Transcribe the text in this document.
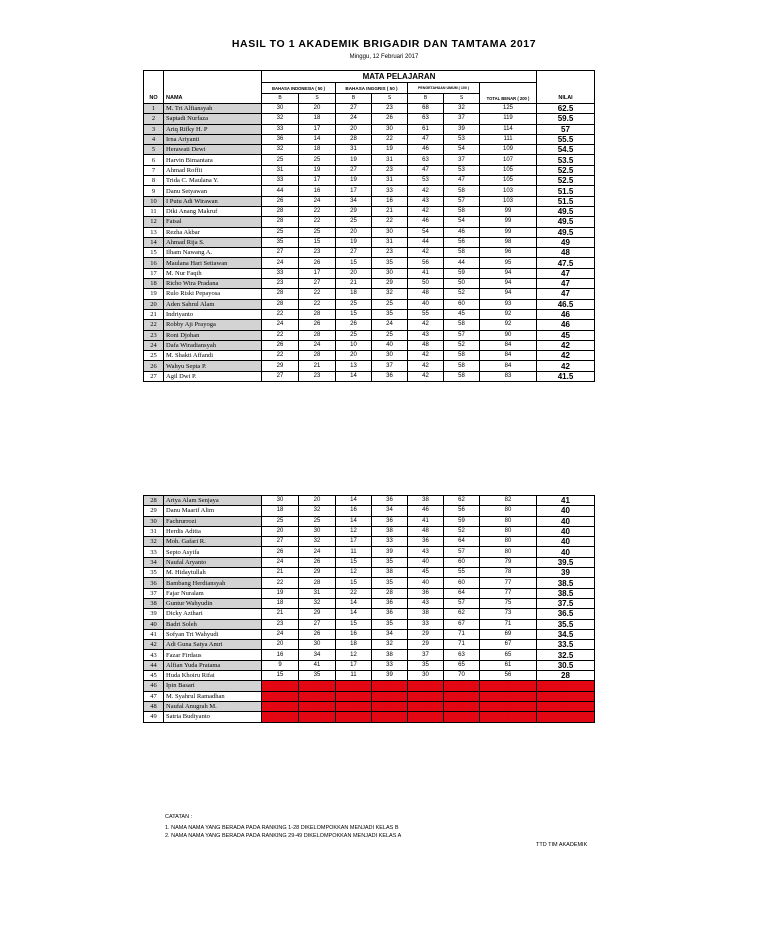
HASIL TO 1 AKADEMIK BRIGADIR DAN TAMTAMA 2017
Minggu, 12 Februari 2017
NO	NAMA	MATA PELAJARAN							NILAI
		BAHASA INDONESIA ( 50 )		BAHASA INGGRIS ( 50 )		PENGETAHUAN UMUM ( 100 )		TOTAL BENAR ( 200 )	
		B	S	B	S	B	S		
1	M. Tri Alfiansyah	30	20	27	23	68	32	125	62.5
2	Saptadi Nurfaza	32	18	24	26	63	37	119	59.5
3	Ariq Rifky H. P	33	17	20	30	61	39	114	57
4	Irna Ariyanti	36	14	28	22	47	53	111	55.5
5	Herawati Dewi	32	18	31	19	46	54	109	54.5
6	Harvin Bimantara	25	25	19	31	63	37	107	53.5
7	Ahmad Roffii	31	19	27	23	47	53	105	52.5
8	Trida C. Maulana Y.	33	17	19	31	53	47	105	52.5
9	Danu Setyawan	44	16	17	33	42	58	103	51.5
10	I Putu Adi Wirawan	26	24	34	16	43	57	103	51.5
11	Diki Anang Makruf	28	22	29	21	42	58	99	49.5
12	Faisal	28	22	25	22	46	54	99	49.5
13	Rezha Akbar	25	25	20	30	54	46	99	49.5
14	Ahmad Rija S.	35	15	19	31	44	56	98	49
15	Ilham Nawang A.	27	23	27	23	42	58	96	48
16	Maulana Hari Setiawan	24	26	15	35	56	44	95	47.5
17	M. Nur Faqih	33	17	20	30	41	59	94	47
18	Richo Wira Pradana	23	27	21	29	50	50	94	47
19	Rulo Riski Pepayosa	28	22	18	32	48	52	94	47
20	Aden Sahrul Alam	28	22	25	25	40	60	93	46.5
21	Indriyanto	22	28	15	35	55	45	92	46
22	Robby Aji Prayoga	24	26	26	24	42	58	92	46
23	Roni Djohan	22	28	25	25	43	57	90	45
24	Dafa Wiradiansyah	26	24	10	40	48	52	84	42
25	M. Shakti Affandi	22	28	20	30	42	58	84	42
26	Wahyu Septa P.	29	21	13	37	42	58	84	42
27	Agil Dwi P.	27	23	14	36	42	58	83	41.5
28	Ariya Alam Senjaya	30	20	14	36	38	62	82	41
29	Danu Maarif Alim	18	32	16	34	46	56	80	40
30	Fachrurrozi	25	25	14	36	41	59	80	40
31	Herdis Aditia	20	30	12	38	48	52	80	40
32	Moh. Gafari R.	27	32	17	33	36	64	80	40
33	Septo Asyifa	26	24	11	39	43	57	80	40
34	Naufal Aryanto	24	26	15	35	40	60	79	39.5
35	M. Hidaytullah	21	29	12	38	45	55	78	39
36	Bambang Herdiansyah	22	28	15	35	40	60	77	38.5
37	Fajar Nuralam	19	31	22	28	36	64	77	38.5
38	Guntur Wahyudin	18	32	14	36	43	57	75	37.5
39	Dicky Azthari	21	29	14	36	38	62	73	36.5
40	Badri Soleh	23	27	15	35	33	67	71	35.5
41	Sofyan Tri Wahyudi	24	26	16	34	29	71	69	34.5
42	Adi Guna Satya Amri	20	30	18	32	29	71	67	33.5
43	Fazar Firdaus	16	34	12	38	37	63	65	32.5
44	Alfian Yuda Pratama	9	41	17	33	35	65	61	30.5
45	Huda Khoiru Rifai	15	35	11	39	30	70	56	28
46	Ipin Basari	0	0	0	0	0	0	0	0
47	M. Syahrul Ramadhan	0	0	0	0	0	0	0	0
48	Naufal Anugrah M.	0	0	0	0	0	0	0	0
49	Satria Budiyanto	0	0	0	0	0	0	0	0
CATATAN :
1. NAMA NAMA YANG BERADA PADA RANKING 1-28 DIKELOMPOKKAN MENJADI KELAS B
2. NAMA NAMA YANG BERADA PADA RANKING 29-49 DIKELOMPOKKAN MENJADI KELAS A
TTD TIM AKADEMIK
